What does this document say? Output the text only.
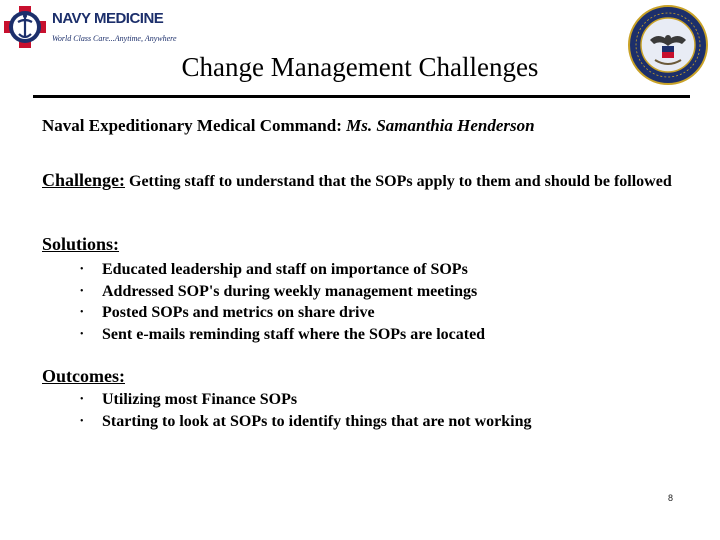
NAVY MEDICINE
World Class Care...Anytime, Anywhere
Change Management Challenges
Naval Expeditionary Medical Command: Ms. Samanthia Henderson
Challenge: Getting staff to understand that the SOPs apply to them and should be followed
Solutions:
• Educated leadership and staff on importance of SOPs
• Addressed SOP's during weekly management meetings
• Posted SOPs and metrics on share drive
• Sent e-mails reminding staff where the SOPs are located
Outcomes:
• Utilizing most Finance SOPs
• Starting to look at SOPs to identify things that are not working
8
